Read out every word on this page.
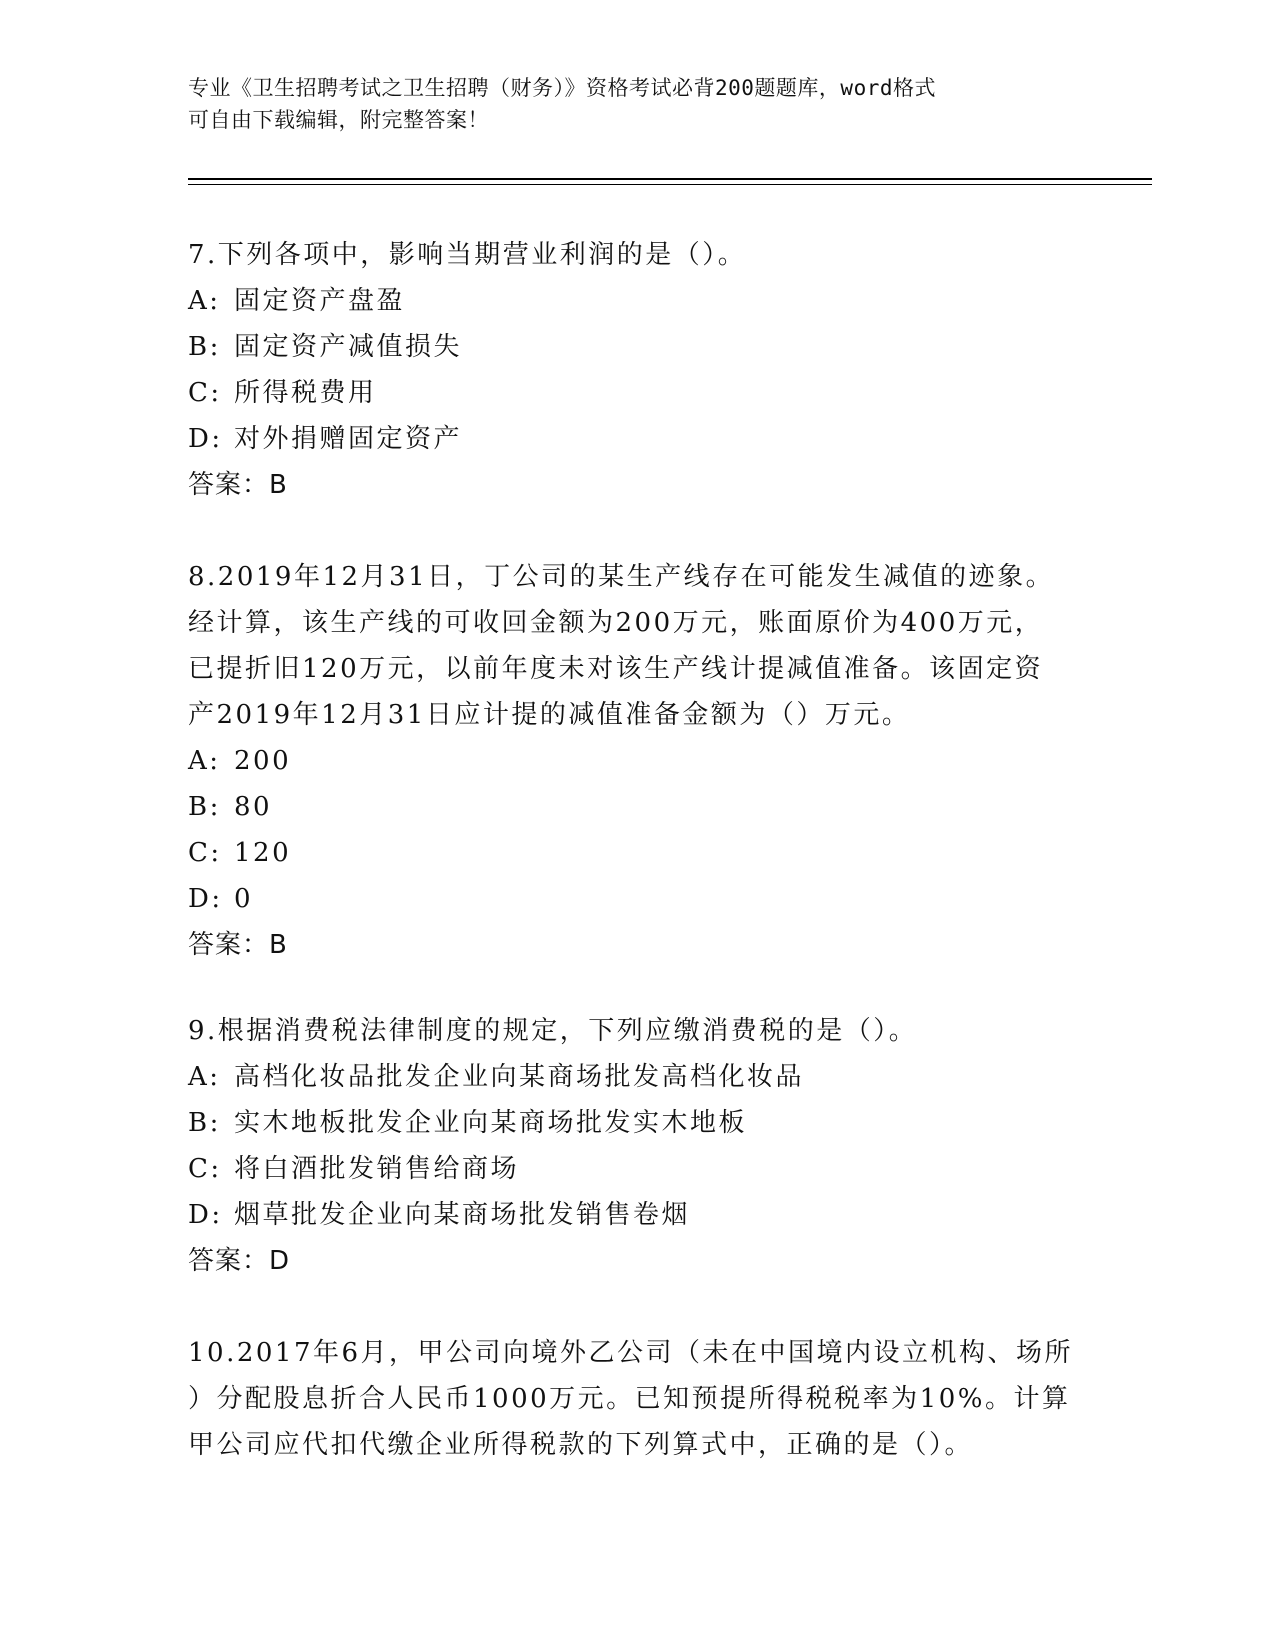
专业《卫生招聘考试之卫生招聘（财务）》资格考试必背200题题库，word格式
可自由下载编辑，附完整答案！

7.下列各项中，影响当期营业利润的是（）。

A: 固定资产盘盈

B: 固定资产减值损失

C: 所得税费用

D: 对外捐赠固定资产

答案：B

8.2019年12月31日，丁公司的某生产线存在可能发生减值的迹象。

经计算，该生产线的可收回金额为200万元，账面原价为400万元，

已提折旧120万元，以前年度未对该生产线计提减值准备。该固定资

产2019年12月31日应计提的减值准备金额为（）万元。

A: 200

B: 80

C: 120

D: 0

答案：B

9.根据消费税法律制度的规定，下列应缴消费税的是（）。

A: 高档化妆品批发企业向某商场批发高档化妆品

B: 实木地板批发企业向某商场批发实木地板

C: 将白酒批发销售给商场

D: 烟草批发企业向某商场批发销售卷烟

答案：D

10.2017年6月，甲公司向境外乙公司（未在中国境内设立机构、场所

）分配股息折合人民币1000万元。已知预提所得税税率为10%。计算

甲公司应代扣代缴企业所得税款的下列算式中，正确的是（）。
